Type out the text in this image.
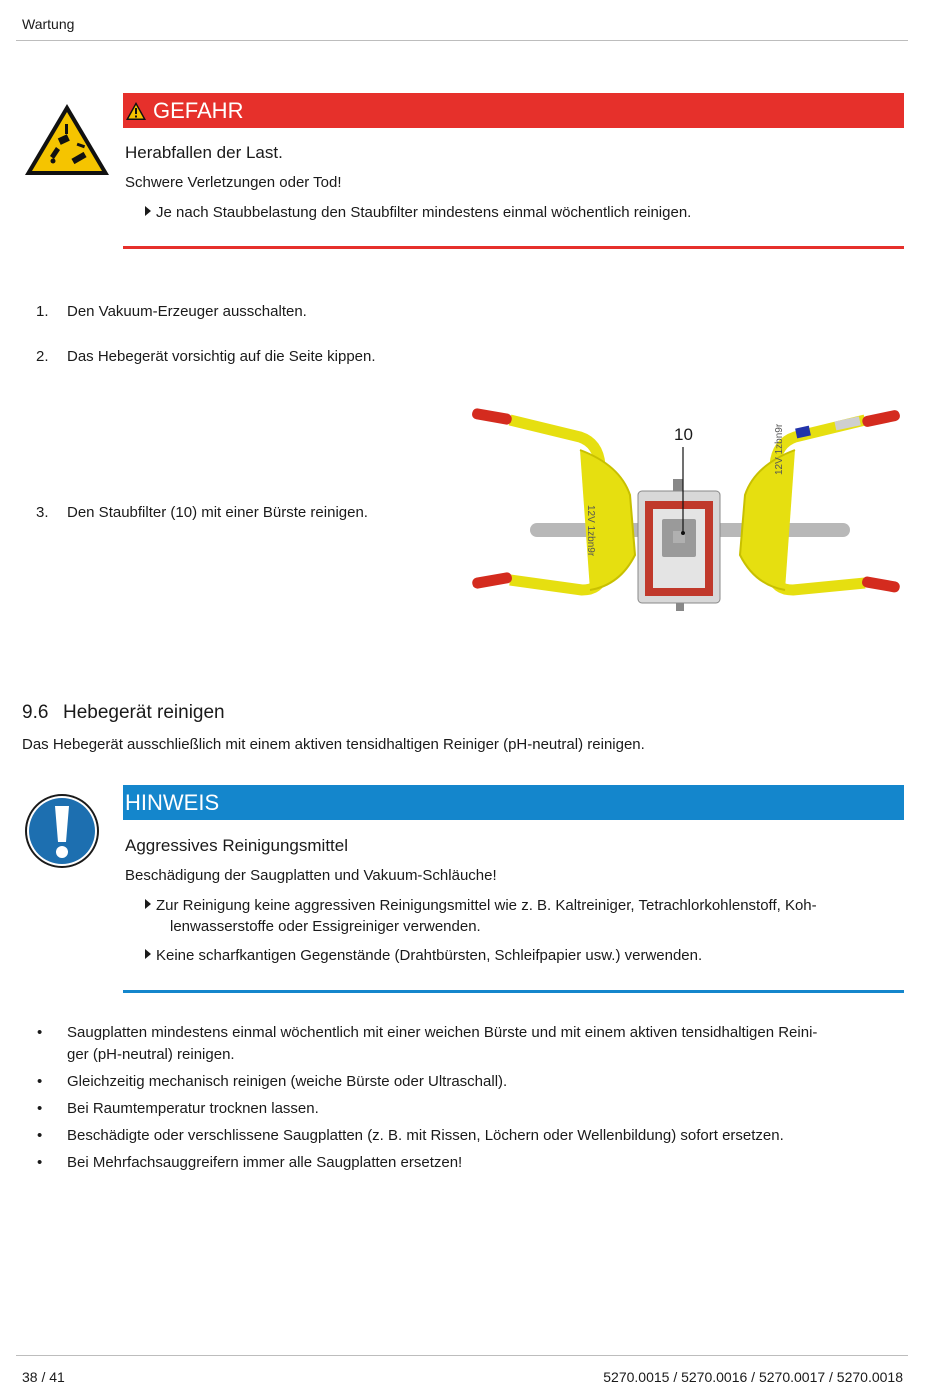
Wartung
GEFAHR
Herabfallen der Last.
Schwere Verletzungen oder Tod!
Je nach Staubbelastung den Staubfilter mindestens einmal wöchentlich reinigen.
1. Den Vakuum-Erzeuger ausschalten.
2. Das Hebegerät vorsichtig auf die Seite kippen.
3. Den Staubfilter (10) mit einer Bürste reinigen.	12V 1zbn9r
12V 1zbn9r
10
9.6 Hebegerät reinigen
Das Hebegerät ausschließlich mit einem aktiven tensidhaltigen Reiniger (pH-neutral) reinigen.
HINWEIS
Aggressives Reinigungsmittel
Beschädigung der Saugplatten und Vakuum-Schläuche!
Zur Reinigung keine aggressiven Reinigungsmittel wie z. B. Kaltreiniger, Tetrachlorkohlenstoff, Koh-
lenwasserstoffe oder Essigreiniger verwenden.
Keine scharfkantigen Gegenstände (Drahtbürsten, Schleifpapier usw.) verwenden.
• Saugplatten mindestens einmal wöchentlich mit einer weichen Bürste und mit einem aktiven tensidhaltigen Reini-
ger (pH-neutral) reinigen.
• Gleichzeitig mechanisch reinigen (weiche Bürste oder Ultraschall).
• Bei Raumtemperatur trocknen lassen.
• Beschädigte oder verschlissene Saugplatten (z. B. mit Rissen, Löchern oder Wellenbildung) sofort ersetzen.
• Bei Mehrfachsauggreifern immer alle Saugplatten ersetzen!
38 / 41	5270.0015 / 5270.0016 / 5270.0017 / 5270.0018
